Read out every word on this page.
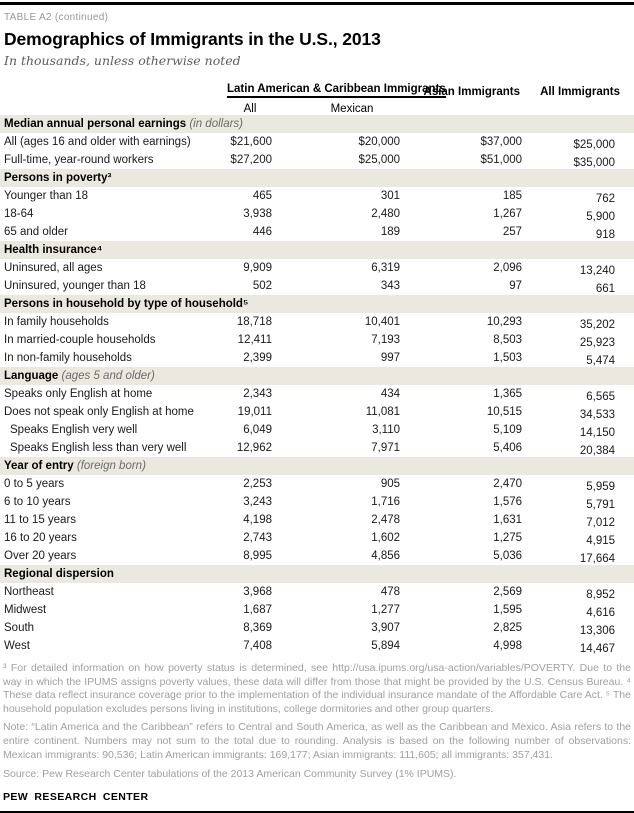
TABLE A2 (continued)
Demographics of Immigrants in the U.S., 2013
In thousands, unless otherwise noted
	Latin American & Caribbean Immigrants		Asian Immigrants	All Immigrants
	All	Mexican		
Median annual personal earnings (in dollars)				
All (ages 16 and older with earnings)	$21,600	$20,000	$37,000	$25,000
Full-time, year-round workers	$27,200	$25,000	$51,000	$35,000
Persons in poverty³				
Younger than 18	465	301	185	762
18-64	3,938	2,480	1,267	5,900
65 and older	446	189	257	918
Health insurance⁴				
Uninsured, all ages	9,909	6,319	2,096	13,240
Uninsured, younger than 18	502	343	97	661
Persons in household by type of household⁵				
In family households	18,718	10,401	10,293	35,202
In married-couple households	12,411	7,193	8,503	25,923
In non-family households	2,399	997	1,503	5,474
Language (ages 5 and older)				
Speaks only English at home	2,343	434	1,365	6,565
Does not speak only English at home	19,011	11,081	10,515	34,533
Speaks English very well	6,049	3,110	5,109	14,150
Speaks English less than very well	12,962	7,971	5,406	20,384
Year of entry (foreign born)				
0 to 5 years	2,253	905	2,470	5,959
6 to 10 years	3,243	1,716	1,576	5,791
11 to 15 years	4,198	2,478	1,631	7,012
16 to 20 years	2,743	1,602	1,275	4,915
Over 20 years	8,995	4,856	5,036	17,664
Regional dispersion				
Northeast	3,968	478	2,569	8,952
Midwest	1,687	1,277	1,595	4,616
South	8,369	3,907	2,825	13,306
West	7,408	5,894	4,998	14,467

³ For detailed information on how poverty status is determined, see http://usa.ipums.org/usa-action/variables/POVERTY. Due to the way in which the IPUMS assigns poverty values, these data will differ from those that might be provided by the U.S. Census Bureau. ⁴ These data reflect insurance coverage prior to the implementation of the individual insurance mandate of the Affordable Care Act. ⁵ The household population excludes persons living in institutions, college dormitories and other group quarters.

Note: “Latin America and the Caribbean” refers to Central and South America, as well as the Caribbean and Mexico. Asia refers to the entire continent. Numbers may not sum to the total due to rounding. Analysis is based on the following number of observations: Mexican immigrants: 90,536; Latin American immigrants: 169,177; Asian immigrants: 111,605; all immigrants: 357,431.

Source: Pew Research Center tabulations of the 2013 American Community Survey (1% IPUMS).

PEW RESEARCH CENTER
